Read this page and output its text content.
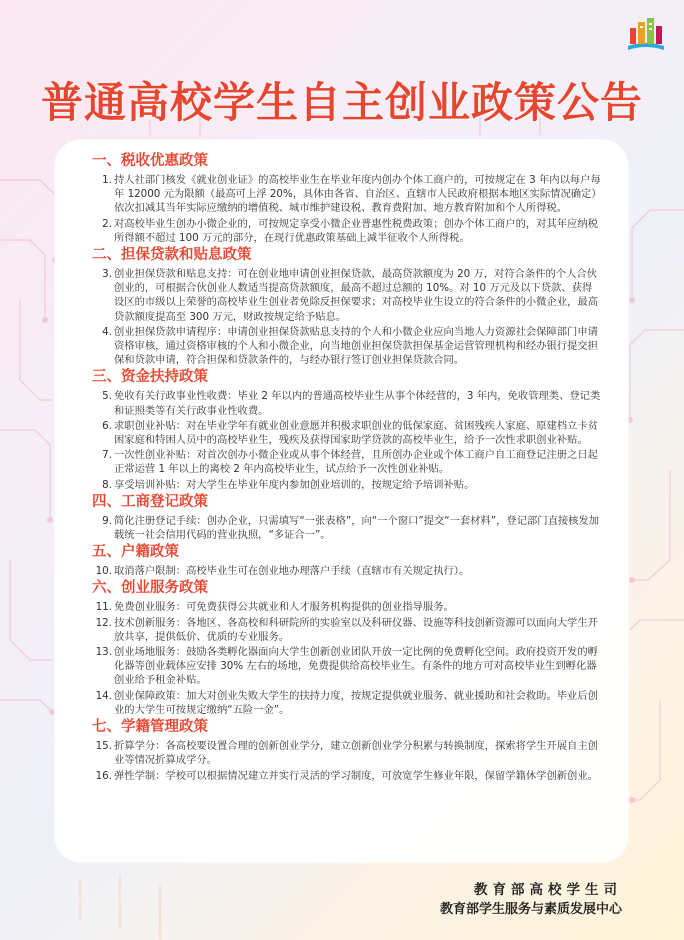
普通高校学生自主创业政策公告
一、税收优惠政策
1. 持人社部门核发《就业创业证》的高校毕业生在毕业年度内创办个体工商户的，可按规定在 3 年内以每户每年 12000 元为限额（最高可上浮 20%，具体由各省、自治区、直辖市人民政府根据本地区实际情况确定）依次扣减其当年实际应缴纳的增值税、城市维护建设税、教育费附加、地方教育附加和个人所得税。
2. 对高校毕业生创办小微企业的，可按规定享受小微企业普惠性税费政策；创办个体工商户的，对其年应纳税所得额不超过 100 万元的部分，在现行优惠政策基础上减半征收个人所得税。
二、担保贷款和贴息政策
3. 创业担保贷款和贴息支持：可在创业地申请创业担保贷款，最高贷款额度为 20 万，对符合条件的个人合伙创业的，可根据合伙创业人数适当提高贷款额度，最高不超过总额的 10%。对 10 万元及以下贷款、获得设区的市级以上荣誉的高校毕业生创业者免除反担保要求；对高校毕业生设立的符合条件的小微企业，最高贷款额度提高至 300 万元，财政按规定给予贴息。
4. 创业担保贷款申请程序：申请创业担保贷款贴息支持的个人和小微企业应向当地人力资源社会保障部门申请资格审核，通过资格审核的个人和小微企业，向当地创业担保贷款担保基金运营管理机构和经办银行提交担保和贷款申请，符合担保和贷款条件的，与经办银行签订创业担保贷款合同。
三、资金扶持政策
5. 免收有关行政事业性收费：毕业 2 年以内的普通高校毕业生从事个体经营的，3 年内，免收管理类、登记类和证照类等有关行政事业性收费。
6. 求职创业补贴：对在毕业学年有就业创业意愿并积极求职创业的低保家庭、贫困残疾人家庭、原建档立卡贫困家庭和特困人员中的高校毕业生，残疾及获得国家助学贷款的高校毕业生，给予一次性求职创业补贴。
7. 一次性创业补贴：对首次创办小微企业或从事个体经营，且所创办企业或个体工商户自工商登记注册之日起正常运营 1 年以上的离校 2 年内高校毕业生，试点给予一次性创业补贴。
8. 享受培训补贴：对大学生在毕业年度内参加创业培训的，按规定给予培训补贴。
四、工商登记政策
9. 简化注册登记手续：创办企业，只需填写“一张表格”，向“一个窗口”提交“一套材料”，登记部门直接核发加载统一社会信用代码的营业执照，“多证合一”。
五、户籍政策
10. 取消落户限制：高校毕业生可在创业地办理落户手续（直辖市有关规定执行）。
六、创业服务政策
11. 免费创业服务：可免费获得公共就业和人才服务机构提供的创业指导服务。
12. 技术创新服务：各地区、各高校和科研院所的实验室以及科研仪器、设施等科技创新资源可以面向大学生开放共享，提供低价、优质的专业服务。
13. 创业场地服务：鼓励各类孵化器面向大学生创新创业团队开放一定比例的免费孵化空间。政府投资开发的孵化器等创业载体应安排 30% 左右的场地，免费提供给高校毕业生。有条件的地方可对高校毕业生到孵化器创业给予租金补贴。
14. 创业保障政策：加大对创业失败大学生的扶持力度，按规定提供就业服务、就业援助和社会救助。毕业后创业的大学生可按规定缴纳“五险一金”。
七、学籍管理政策
15. 折算学分：各高校要设置合理的创新创业学分，建立创新创业学分积累与转换制度，探索将学生开展自主创业等情况折算成学分。
16. 弹性学制：学校可以根据情况建立并实行灵活的学习制度，可放宽学生修业年限，保留学籍休学创新创业。
教育部高校学生司
教育部学生服务与素质发展中心
